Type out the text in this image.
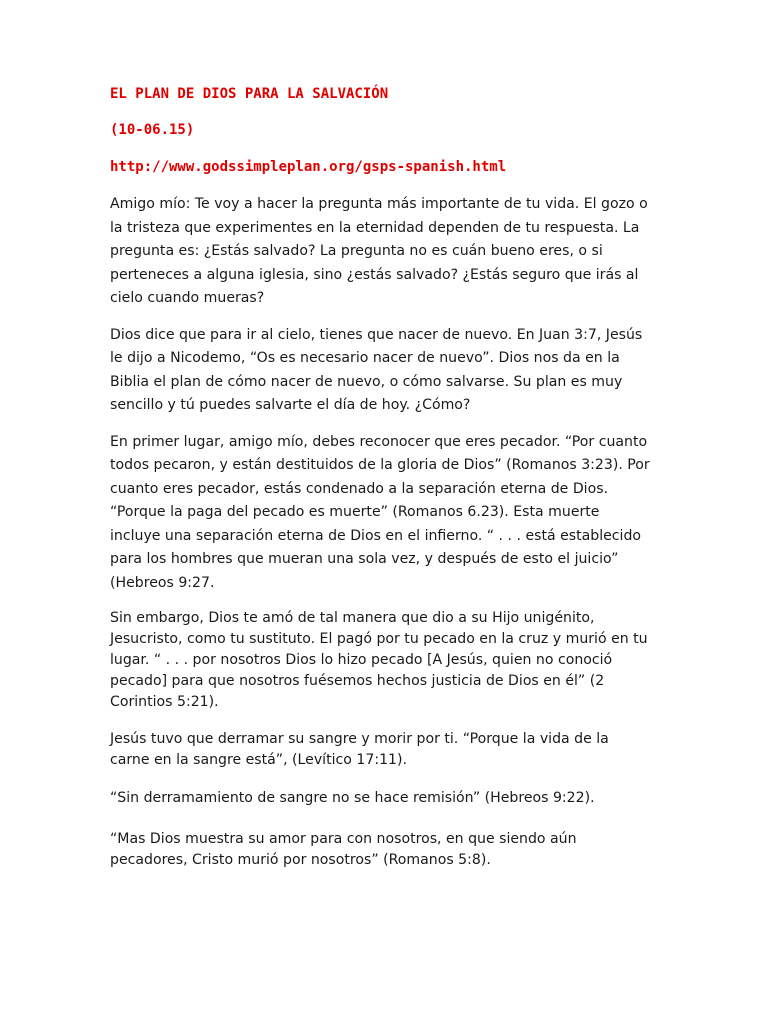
EL PLAN DE DIOS PARA LA SALVACIÓN

(10-06.15)

http://www.godssimpleplan.org/gsps-spanish.html

Amigo mío: Te voy a hacer la pregunta más importante de tu vida. El gozo o la tristeza que experimentes en la eternidad dependen de tu respuesta. La pregunta es: ¿Estás salvado? La pregunta no es cuán bueno eres, o si perteneces a alguna iglesia, sino ¿estás salvado? ¿Estás seguro que irás al cielo cuando mueras?

Dios dice que para ir al cielo, tienes que nacer de nuevo. En Juan 3:7, Jesús le dijo a Nicodemo, “Os es necesario nacer de nuevo”. Dios nos da en la Biblia el plan de cómo nacer de nuevo, o cómo salvarse. Su plan es muy sencillo y tú puedes salvarte el día de hoy. ¿Cómo?

En primer lugar, amigo mío, debes reconocer que eres pecador. “Por cuanto todos pecaron, y están destituidos de la gloria de Dios” (Romanos 3:23). Por cuanto eres pecador, estás condenado a la separación eterna de Dios. “Porque la paga del pecado es muerte” (Romanos 6.23). Esta muerte incluye una separación eterna de Dios en el infierno. “ . . . está establecido para los hombres que mueran una sola vez, y después de esto el juicio” (Hebreos 9:27.

Sin embargo, Dios te amó de tal manera que dio a su Hijo unigénito, Jesucristo, como tu sustituto. El pagó por tu pecado en la cruz y murió en tu lugar. “ . . . por nosotros Dios lo hizo pecado [A Jesús, quien no conoció pecado] para que nosotros fuésemos hechos justicia de Dios en él” (2 Corintios 5:21).

Jesús tuvo que derramar su sangre y morir por ti. “Porque la vida de la carne en la sangre está”, (Levítico 17:11).

“Sin derramamiento de sangre no se hace remisión” (Hebreos 9:22).

“Mas Dios muestra su amor para con nosotros, en que siendo aún pecadores, Cristo murió por nosotros” (Romanos 5:8).
